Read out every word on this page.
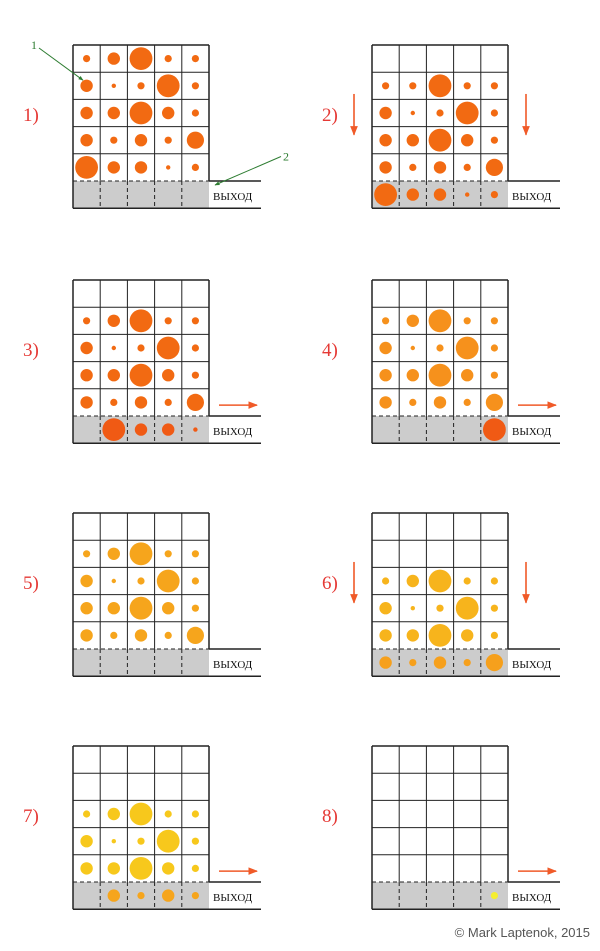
ВЫХОД
1)
1
2
ВЫХОД
2)
ВЫХОД
3)
ВЫХОД
4)
ВЫХОД
5)
ВЫХОД
6)
ВЫХОД
7)
ВЫХОД
8)
© Mark Laptenok, 2015
